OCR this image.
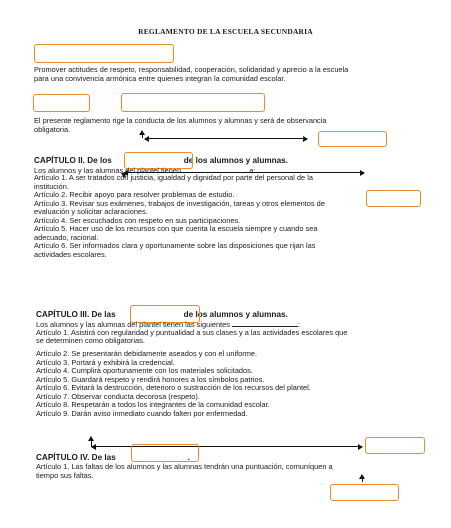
REGLAMENTO DE LA ESCUELA SECUNDARIA
Promover actitudes de respeto, responsabilidad, cooperación, solidaridad y aprecio a la escuela
para una convivencia armónica entre quienes integran la comunidad escolar.
El presente reglamento rige la conducta de los alumnos y alumnas y será de observancia
obligatoria.
CAPÍTULO II. De los	de los alumnos y alumnas.
Los alumnos y las alumnas del plantel tienen	a:
Artículo 1. A ser tratados con justicia, igualdad y dignidad por parte del personal de la
institución.
Artículo 2. Recibir apoyo para resolver problemas de estudio.
Artículo 3. Revisar sus exámenes, trabajos de investigación, tareas y otros elementos de
evaluación y solicitar aclaraciones.
Artículo 4. Ser escuchados con respeto en sus participaciones.
Artículo 5. Hacer uso de los recursos con que cuenta la escuela siempre y cuando sea
adecuado, racional.
Artículo 6. Ser informados clara y oportunamente sobre las disposiciones que rijan las
actividades escolares.
CAPÍTULO III. De las	de los alumnos y alumnas.
Los alumnos y las alumnas del plantel tienen las siguientes	:
Artículo 1. Asistirá con regularidad y puntualidad a sus clases y a las actividades escolares que
se determinen como obligatorias.
Artículo 2. Se presentarán debidamente aseados y con el uniforme.
Artículo 3. Portará y exhibirá la credencial.
Artículo 4. Cumplirá oportunamente con los materiales solicitados.
Artículo 5. Guardará respeto y rendirá honores a los símbolos patrios.
Artículo 6. Evitará la destrucción, deterioro o sustracción de los recursos del plantel.
Artículo 7. Observar conducta decorosa (respeto).
Artículo 8. Respetarán a todos los integrantes de la comunidad escolar.
Artículo 9. Darán aviso inmediato cuando falten por enfermedad.
CAPÍTULO IV. De las	.
Artículo 1. Las faltas de los alumnos y las alumnas tendrán una puntuación, comuníquen a
tiempo sus faltas.
